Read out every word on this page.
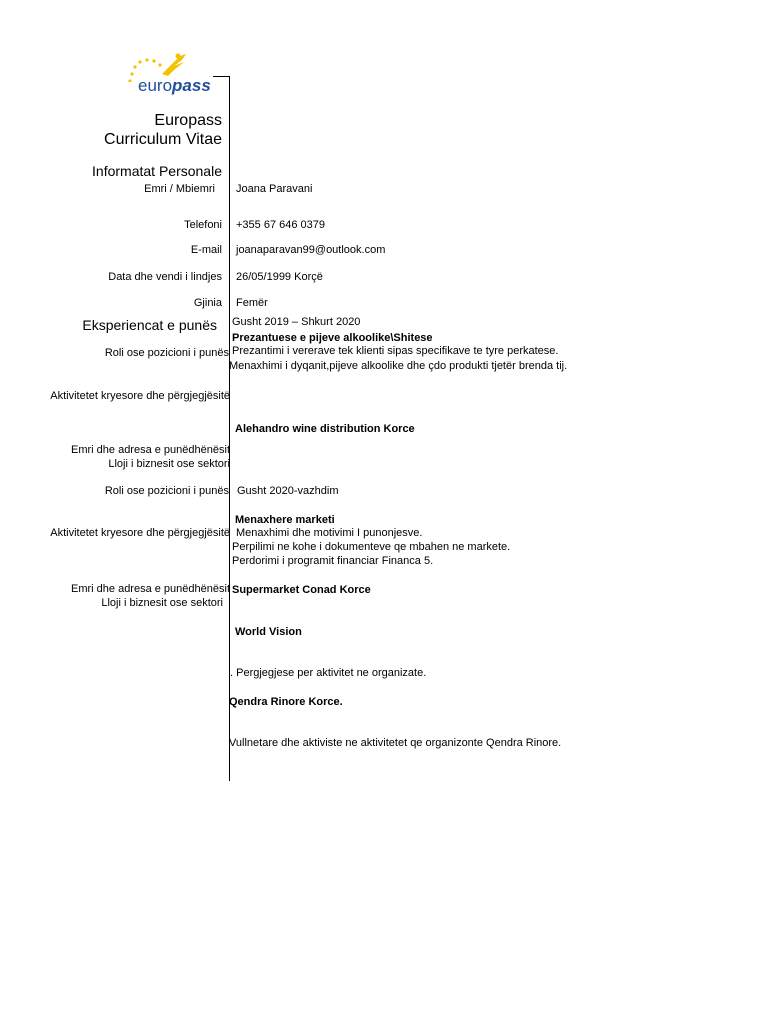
europass
Europass
Curriculum Vitae
Informatat Personale
Emri / Mbiemri Joana Paravani
Telefoni +355 67 646 0379
E-mail joanaparavan99@outlook.com
Data dhe vendi i lindjes 26/05/1999 Korçë
Gjinia Femër
Eksperiencat e punës Gusht 2019 – Shkurt 2020
Prezantuese e pijeve alkoolike\Shitese
Roli ose pozicioni i punës Prezantimi i vererave tek klienti sipas specifikave te tyre perkatese.
Menaxhimi i dyqanit,pijeve alkoolike dhe çdo produkti tjetër brenda tij.
Aktivitetet kryesore dhe përgjegjësitë
Alehandro wine distribution Korce
Emri dhe adresa e punëdhënësit
Lloji i biznesit ose sektori
Roli ose pozicioni i punës Gusht 2020-vazhdim
Menaxhere marketi
Aktivitetet kryesore dhe përgjegjësitë Menaxhimi dhe motivimi I punonjesve.
Perpilimi ne kohe i dokumenteve qe mbahen ne markete.
Perdorimi i programit financiar Financa 5.
Emri dhe adresa e punëdhënësit Supermarket Conad Korce
Lloji i biznesit ose sektori
World Vision
. Pergjegjese per aktivitet ne organizate.
Qendra Rinore Korce.
Vullnetare dhe aktiviste ne aktivitetet qe organizonte Qendra Rinore.
